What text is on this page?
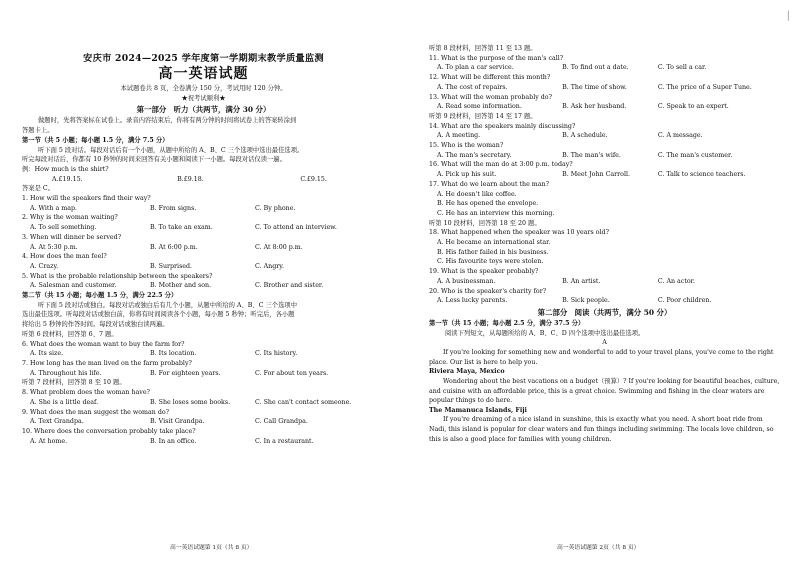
|
安庆市 2024—2025 学年度第一学期期末教学质量监测
高一英语试题
本试题卷共 8 页，全卷满分 150 分，考试用时 120 分钟。
★祝考试顺利★
第一部分　听力（共两节，满分 30 分）
做题时，先将答案标在试卷上。录音内容结束后，你将有两分钟的时间将试卷上的答案转涂到
答题卡上。
第一节（共 5 小题；每小题 1.5 分，满分 7.5 分）
听下面 5 段对话。每段对话后有一个小题，从题中所给的 A、B、C 三个选项中选出最佳选项。
听完每段对话后，你都有 10 秒钟的时间来回答有关小题和阅读下一小题。每段对话仅读一遍。
例：How much is the shirt?
A.£19.15.	B.£9.18.	C.£9.15.
答案是 C。
1. How will the speakers find their way?
A. With a map.	B. From signs.	C. By phone.
2. Why is the woman waiting?
A. To sell something.	B. To take an exam.	C. To attend an interview.
3. When will dinner be served?
A. At 5:30 p.m.	B. At 6:00 p.m.	C. At 8:00 p.m.
4. How does the man feel?
A. Crazy.	B. Surprised.	C. Angry.
5. What is the probable relationship between the speakers?
A. Salesman and customer.	B. Mother and son.	C. Brother and sister.
第二节（共 15 小题；每小题 1.5 分，满分 22.5 分）
听下面 5 段对话或独白。每段对话或独白后有几个小题，从题中所给的 A、B、C 三个选项中
选出最佳选项。听每段对话或独白前，你将有时间阅读各个小题，每小题 5 秒钟；听完后，各小题
将给出 5 秒钟的作答时间。每段对话或独白读两遍。
听第 6 段材料，回答第 6、7 题。
6. What does the woman want to buy the farm for?
A. Its size.	B. Its location.	C. Its history.
7. How long has the man lived on the farm probably?
A. Throughout his life.	B. For eighteen years.	C. For about ten years.
听第 7 段材料，回答第 8 至 10 题。
8. What problem does the woman have?
A. She is a little deaf.	B. She loses some books.	C. She can't contact someone.
9. What does the man suggest the woman do?
A. Text Grandpa.	B. Visit Grandpa.	C. Call Grandpa.
10. Where does the conversation probably take place?
A. At home.	B. In an office.	C. In a restaurant.
高一英语试题第 1页（共 8 页）
听第 8 段材料，回答第 11 至 13 题。
11. What is the purpose of the man's call?
A. To plan a car service.	B. To find out a date.	C. To sell a car.
12. What will be different this month?
A. The cost of repairs.	B. The time of show.	C. The price of a Super Tune.
13. What will the woman probably do?
A. Read some information.	B. Ask her husband.	C. Speak to an expert.
听第 9 段材料，回答第 14 至 17 题。
14. What are the speakers mainly discussing?
A. A meeting.	B. A schedule.	C. A message.
15. Who is the woman?
A. The man's secretary.	B. The man's wife.	C. The man's customer.
16. What will the man do at 3:00 p.m. today?
A. Pick up his suit.	B. Meet John Carroll.	C. Talk to science teachers.
17. What do we learn about the man?
A. He doesn't like coffee.
B. He has opened the envelope.
C. He has an interview this morning.
听第 10 段材料，回答第 18 至 20 题。
18. What happened when the speaker was 10 years old?
A. He became an international star.
B. His father failed in his business.
C. His favourite toys were stolen.
19. What is the speaker probably?
A. A businessman.	B. An artist.	C. An actor.
20. Who is the speaker's charity for?
A. Less lucky parents.	B. Sick people.	C. Poor children.
第二部分　阅读（共两节，满分 50 分）
第一节（共 15 小题；每小题 2.5 分，满分 37.5 分）
阅读下列短文，从每题所给的 A、B、C、D 四个选项中选出最佳选项。
A
If you're looking for something new and wonderful to add to your travel plans, you've come to the right place. Our list is here to help you.
Riviera Maya, Mexico
Wondering about the best vacations on a budget（预算）? If you're looking for beautiful beaches, culture, and cuisine with an affordable price, this is a great choice. Swimming and fishing in the clear waters are popular things to do here.
The Mamanuca Islands, Fiji
If you're dreaming of a nice island in sunshine, this is exactly what you need. A short boat ride from Nadi, this island is popular for clear waters and fun things including swimming. The locals love children, so this is also a good place for families with young children.
高一英语试题第 2页（共 8 页）
